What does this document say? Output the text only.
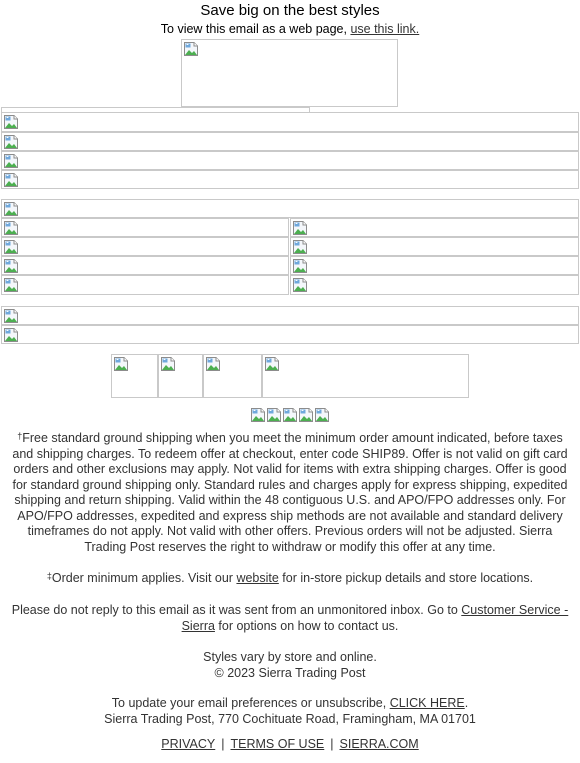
Save big on the best styles
To view this email as a web page, use this link.
†Free standard ground shipping when you meet the minimum order amount indicated, before taxes and shipping charges. To redeem offer at checkout, enter code SHIP89. Offer is not valid on gift card orders and other exclusions may apply. Not valid for items with extra shipping charges. Offer is good for standard ground shipping only. Standard rules and charges apply for express shipping, expedited shipping and return shipping. Valid within the 48 contiguous U.S. and APO/FPO addresses only. For APO/FPO addresses, expedited and express ship methods are not available and standard delivery timeframes do not apply. Not valid with other offers. Previous orders will not be adjusted. Sierra Trading Post reserves the right to withdraw or modify this offer at any time.
‡Order minimum applies. Visit our website for in-store pickup details and store locations.
Please do not reply to this email as it was sent from an unmonitored inbox. Go to Customer Service - Sierra for options on how to contact us.
Styles vary by store and online.
© 2023 Sierra Trading Post
To update your email preferences or unsubscribe, CLICK HERE.
Sierra Trading Post, 770 Cochituate Road, Framingham, MA 01701
PRIVACY | TERMS OF USE | SIERRA.COM
